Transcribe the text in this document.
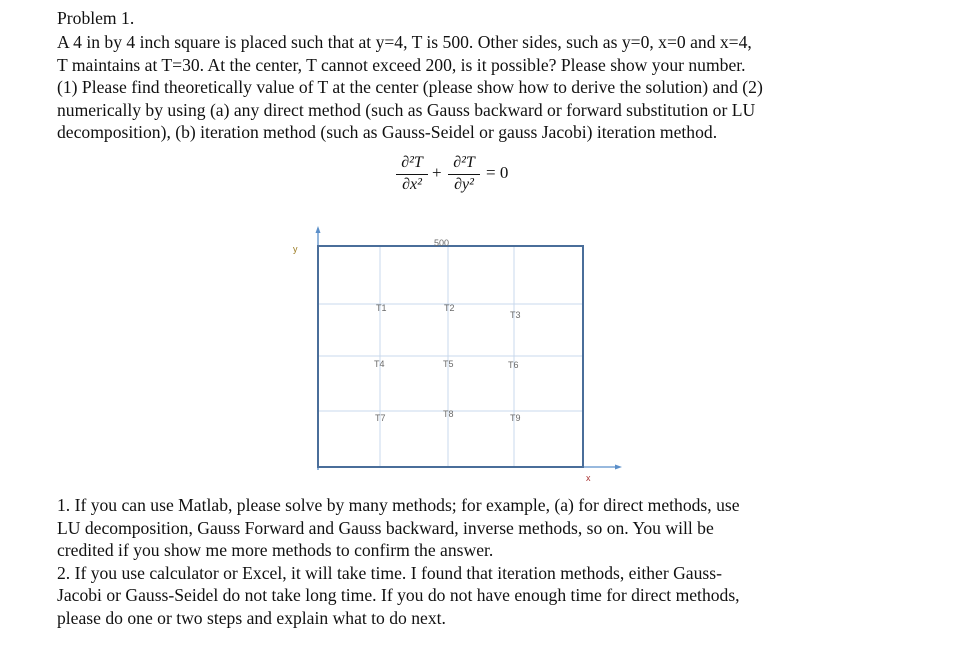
Problem 1.
A 4 in by 4 inch square is placed such that at y=4, T is 500. Other sides, such as y=0, x=0 and x=4,
T maintains at T=30. At the center, T cannot exceed 200, is it possible? Please show your number.
(1) Please find theoretically value of T at the center (please show how to derive the solution) and (2)
numerically by using (a) any direct method (such as Gauss backward or forward substitution or LU
decomposition), (b) iteration method (such as Gauss-Seidel or gauss Jacobi) iteration method.
∂²T
∂x²
+
∂²T
∂y²
= 0
y
x
500
T1	T2
T3
T4	T5	T6
T7	T8	T9
1. If you can use Matlab, please solve by many methods; for example, (a) for direct methods, use
LU decomposition, Gauss Forward and Gauss backward, inverse methods, so on. You will be
credited if you show me more methods to confirm the answer.
2. If you use calculator or Excel, it will take time. I found that iteration methods, either Gauss-
Jacobi or Gauss-Seidel do not take long time. If you do not have enough time for direct methods,
please do one or two steps and explain what to do next.
